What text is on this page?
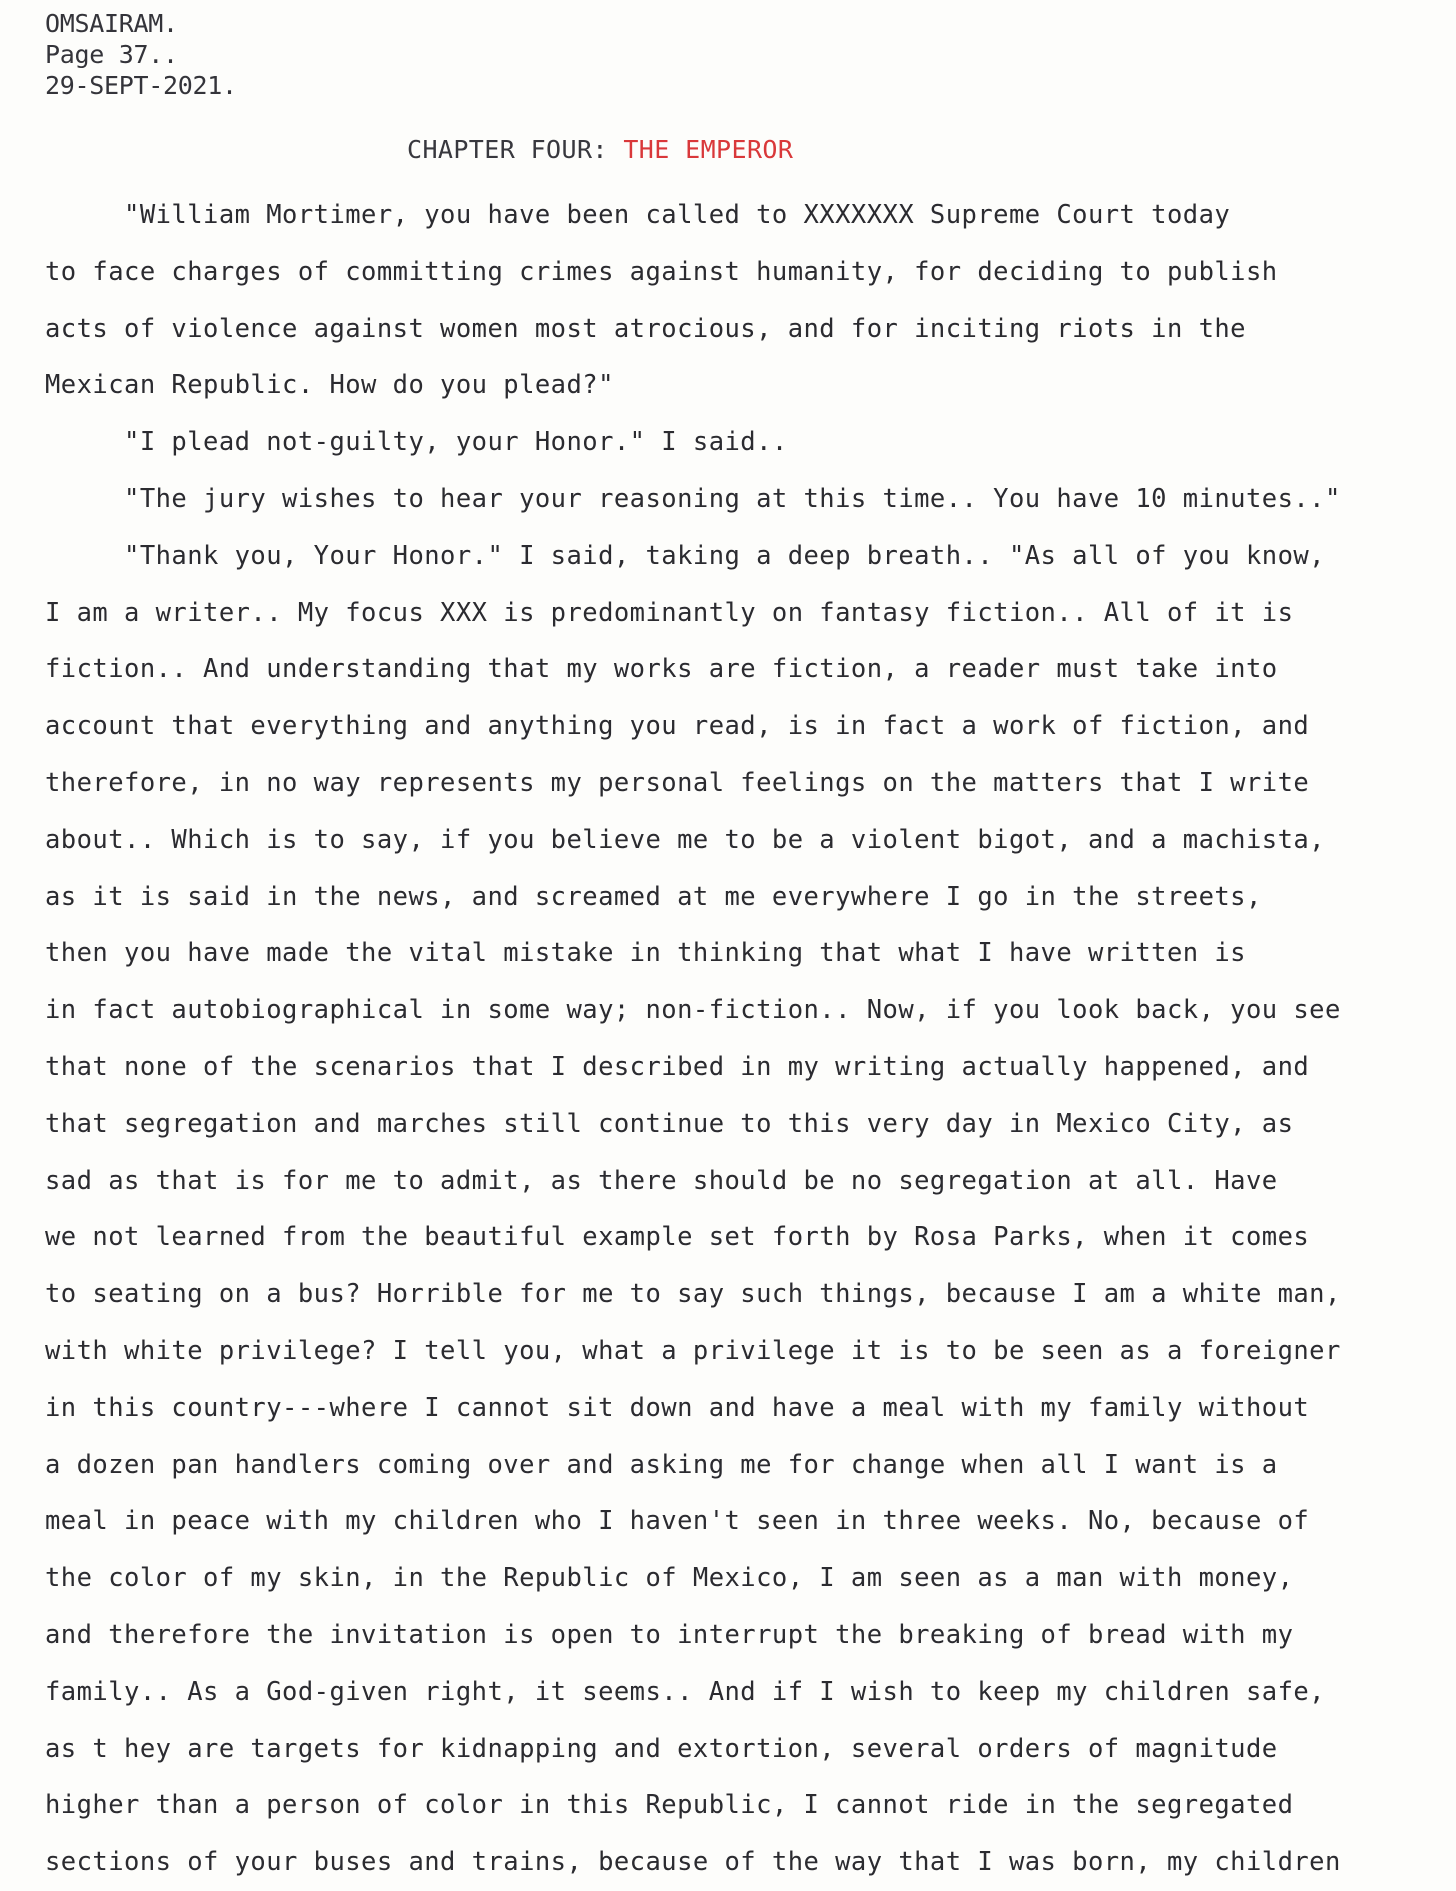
OMSAIRAM.
Page 37..
29-SEPT-2021.
CHAPTER FOUR: THE EMPEROR
"William Mortimer, you have been called to XXXXXXX Supreme Court today
to face charges of committing crimes against humanity, for deciding to publish
acts of violence against women most atrocious, and for inciting riots in the
Mexican Republic. How do you plead?"
"I plead not-guilty, your Honor." I said..
"The jury wishes to hear your reasoning at this time.. You have 10 minutes.."
"Thank you, Your Honor." I said, taking a deep breath.. "As all of you know,
I am a writer.. My focus XXX is predominantly on fantasy fiction.. All of it is
fiction.. And understanding that my works are fiction, a reader must take into
account that everything and anything you read, is in fact a work of fiction, and
therefore, in no way represents my personal feelings on the matters that I write
about.. Which is to say, if you believe me to be a violent bigot, and a machista,
as it is said in the news, and screamed at me everywhere I go in the streets,
then you have made the vital mistake in thinking that what I have written is
in fact autobiographical in some way; non-fiction.. Now, if you look back, you see
that none of the scenarios that I described in my writing actually happened, and
that segregation and marches still continue to this very day in Mexico City, as
sad as that is for me to admit, as there should be no segregation at all. Have
we not learned from the beautiful example set forth by Rosa Parks, when it comes
to seating on a bus? Horrible for me to say such things, because I am a white man,
with white privilege? I tell you, what a privilege it is to be seen as a foreigner
in this country---where I cannot sit down and have a meal with my family without
a dozen pan handlers coming over and asking me for change when all I want is a
meal in peace with my children who I haven't seen in three weeks. No, because of
the color of my skin, in the Republic of Mexico, I am seen as a man with money,
and therefore the invitation is open to interrupt the breaking of bread with my
family.. As a God-given right, it seems.. And if I wish to keep my children safe,
as t hey are targets for kidnapping and extortion, several orders of magnitude
higher than a person of color in this Republic, I cannot ride in the segregated
sections of your buses and trains, because of the way that I was born, my children
